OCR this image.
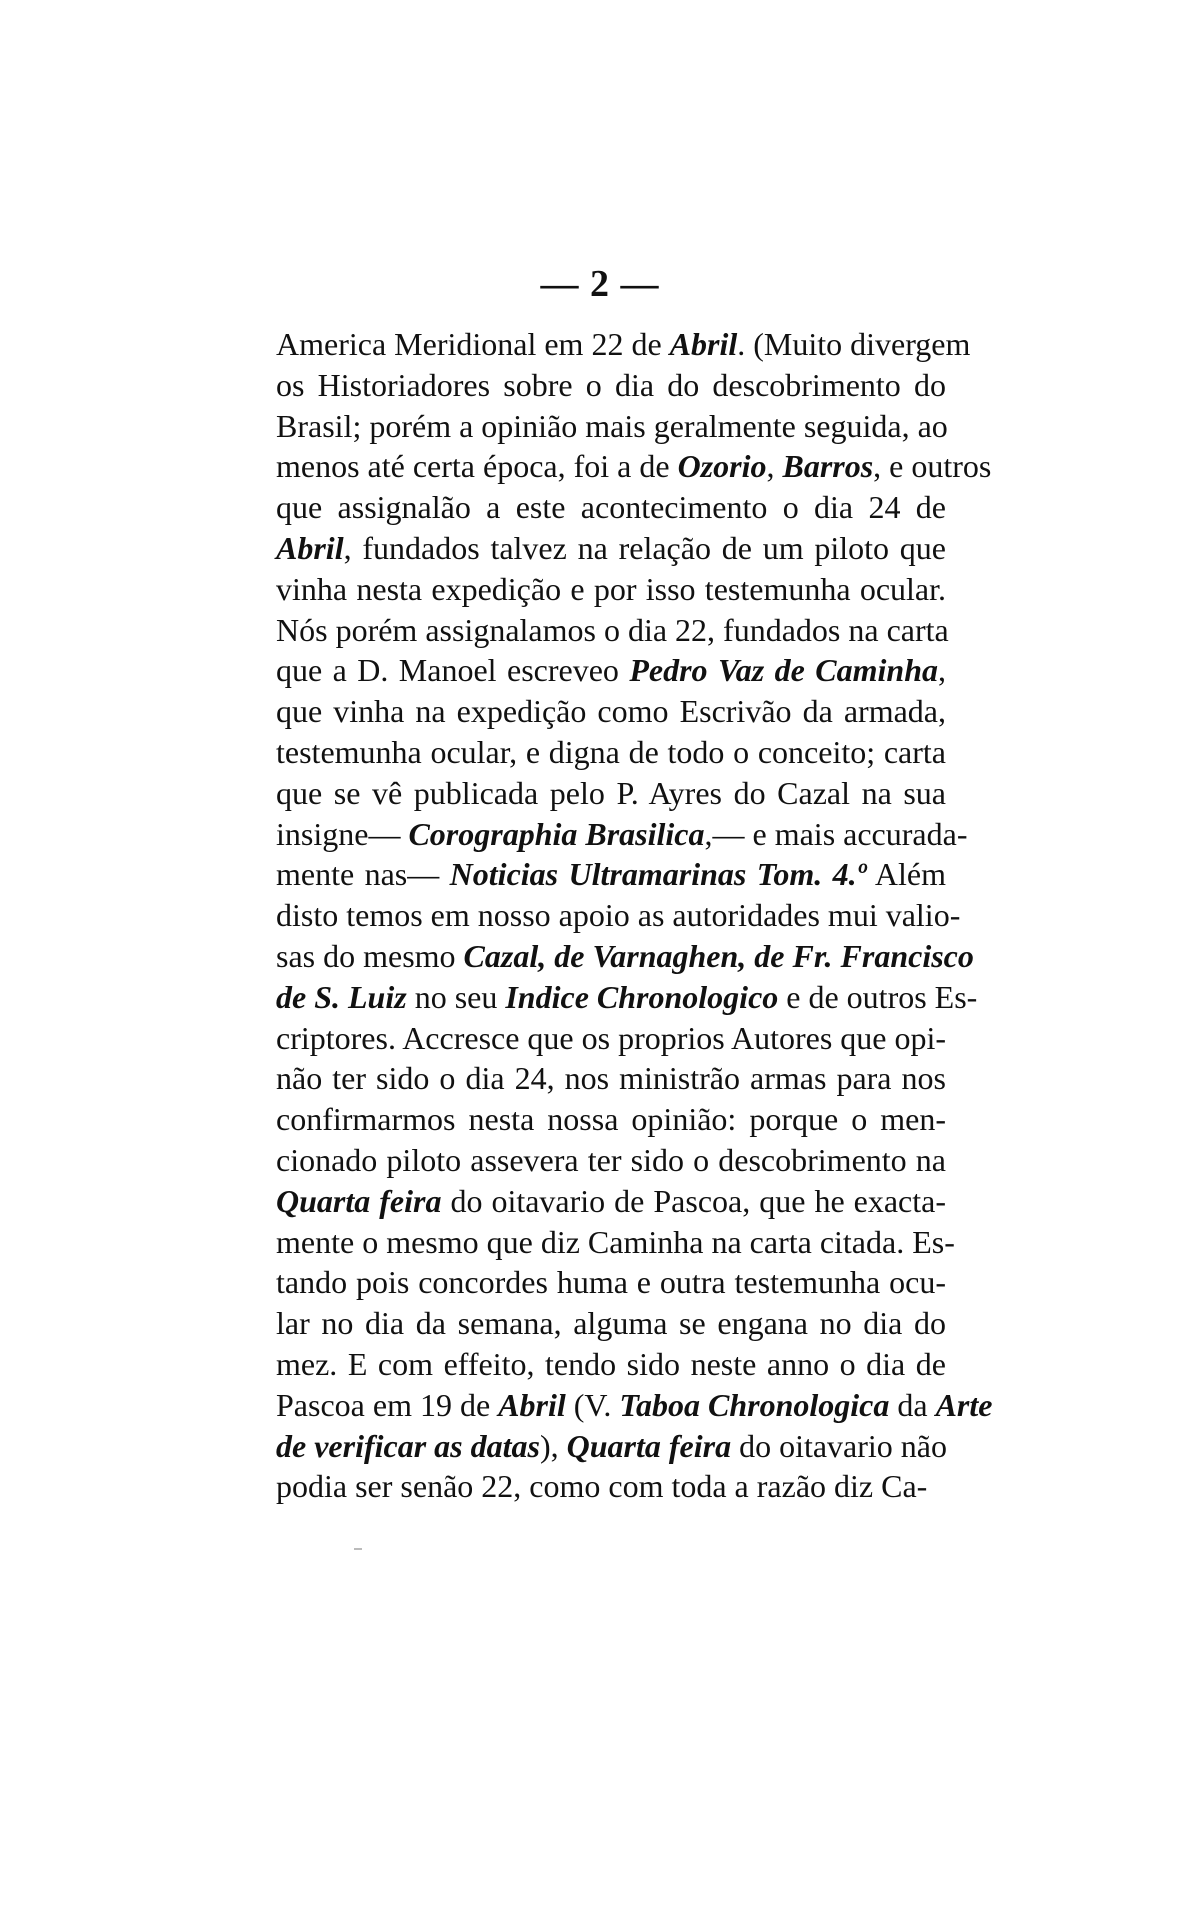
— 2 —
America Meridional em 22 de Abril. (Muito divergem
os Historiadores sobre o dia do descobrimento do
Brasil; porém a opinião mais geralmente seguida, ao
menos até certa época, foi a de Ozorio, Barros, e outros
que assignalão a este acontecimento o dia 24 de
Abril, fundados talvez na relação de um piloto que
vinha nesta expedição e por isso testemunha ocular.
Nós porém assignalamos o dia 22, fundados na carta
que a D. Manoel escreveo Pedro Vaz de Caminha,
que vinha na expedição como Escrivão da armada,
testemunha ocular, e digna de todo o conceito; carta
que se vê publicada pelo P. Ayres do Cazal na sua
insigne— Corographia Brasilica,— e mais accurada-
mente nas— Noticias Ultramarinas Tom. 4.º Além
disto temos em nosso apoio as autoridades mui valio-
sas do mesmo Cazal, de Varnaghen, de Fr. Francisco
de S. Luiz no seu Indice Chronologico e de outros Es-
criptores. Accresce que os proprios Autores que opi-
não ter sido o dia 24, nos ministrão armas para nos
confirmarmos nesta nossa opinião: porque o men-
cionado piloto assevera ter sido o descobrimento na
Quarta feira do oitavario de Pascoa, que he exacta-
mente o mesmo que diz Caminha na carta citada. Es-
tando pois concordes huma e outra testemunha ocu-
lar no dia da semana, alguma se engana no dia do
mez. E com effeito, tendo sido neste anno o dia de
Pascoa em 19 de Abril (V. Taboa Chronologica da Arte
de verificar as datas), Quarta feira do oitavario não
podia ser senão 22, como com toda a razão diz Ca-
